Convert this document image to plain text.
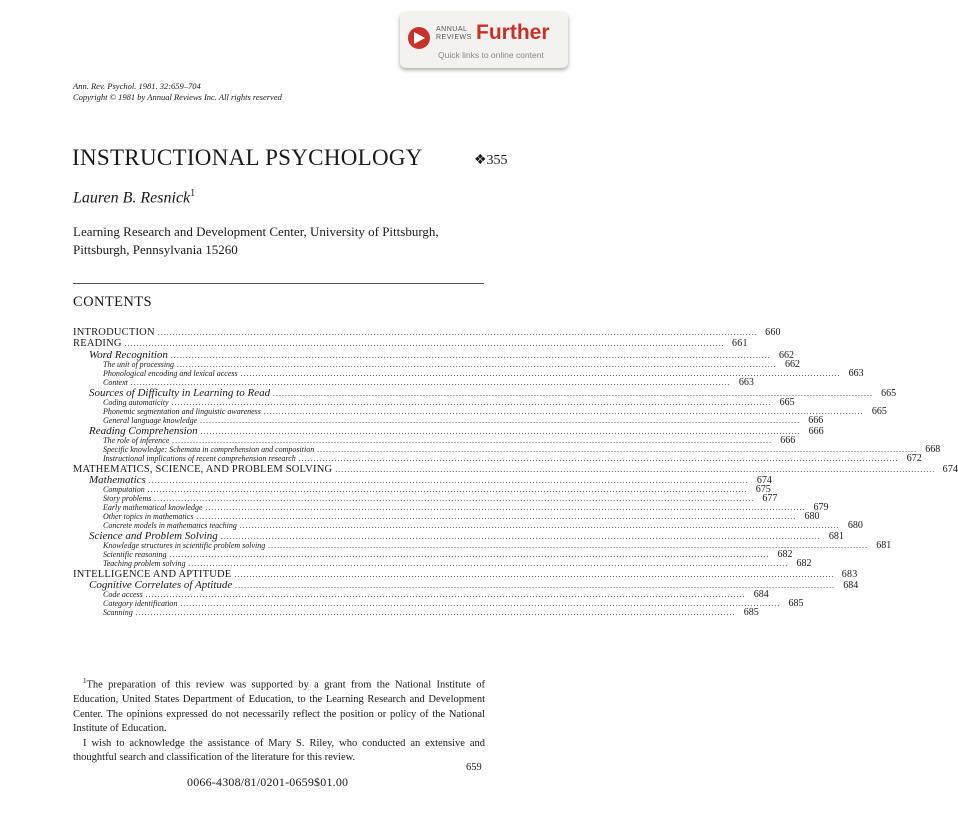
ANNUAL
REVIEWS Further
Quick links to online content
Ann. Rev. Psychol. 1981. 32:659–704
Copyright © 1981 by Annual Reviews Inc. All rights reserved
INSTRUCTIONAL PSYCHOLOGY	❖355
Lauren B. Resnick$^1$
Learning Research and Development Center, University of Pittsburgh,
Pittsburgh, Pennsylvania 15260
CONTENTS
INTRODUCTION ........................................................................................................................................................................................................ 660
READING ........................................................................................................................................................................................................ 661
Word Recognition ........................................................................................................................................................................................................ 662
The unit of processing ........................................................................................................................................................................................................ 662
Phonological encoding and lexical access ........................................................................................................................................................................................................ 663
Context ........................................................................................................................................................................................................ 663
Sources of Difficulty in Learning to Read ........................................................................................................................................................................................................ 665
Coding automaticity ........................................................................................................................................................................................................ 665
Phonemic segmentation and linguistic awareness ........................................................................................................................................................................................................ 665
General language knowledge ........................................................................................................................................................................................................ 666
Reading Comprehension ........................................................................................................................................................................................................ 666
The role of inference ........................................................................................................................................................................................................ 666
Specific knowledge: Schemata in comprehension and composition ........................................................................................................................................................................................................ 668
Instructional implications of recent comprehension research ........................................................................................................................................................................................................ 672
MATHEMATICS, SCIENCE, AND PROBLEM SOLVING ........................................................................................................................................................................................................ 674
Mathematics ........................................................................................................................................................................................................ 674
Computation ........................................................................................................................................................................................................ 675
Story problems ........................................................................................................................................................................................................ 677
Early mathematical knowledge ........................................................................................................................................................................................................ 679
Other topics in mathematics ........................................................................................................................................................................................................ 680
Concrete models in mathematics teaching ........................................................................................................................................................................................................ 680
Science and Problem Solving ........................................................................................................................................................................................................ 681
Knowledge structures in scientific problem solving ........................................................................................................................................................................................................ 681
Scientific reasoning ........................................................................................................................................................................................................ 682
Teaching problem solving ........................................................................................................................................................................................................ 682
INTELLIGENCE AND APTITUDE ........................................................................................................................................................................................................ 683
Cognitive Correlates of Aptitude ........................................................................................................................................................................................................ 684
Code access ........................................................................................................................................................................................................ 684
Category identification ........................................................................................................................................................................................................ 685
Scanning ........................................................................................................................................................................................................ 685

$^1$The preparation of this review was supported by a grant from the National Institute of Education, United States Department of Education, to the Learning Research and Development Center. The opinions expressed do not necessarily reflect the position or policy of the National Institute of Education.

I wish to acknowledge the assistance of Mary S. Riley, who conducted an extensive and thoughtful search and classification of the literature for this review.

659
0066-4308/81/0201-0659$01.00
